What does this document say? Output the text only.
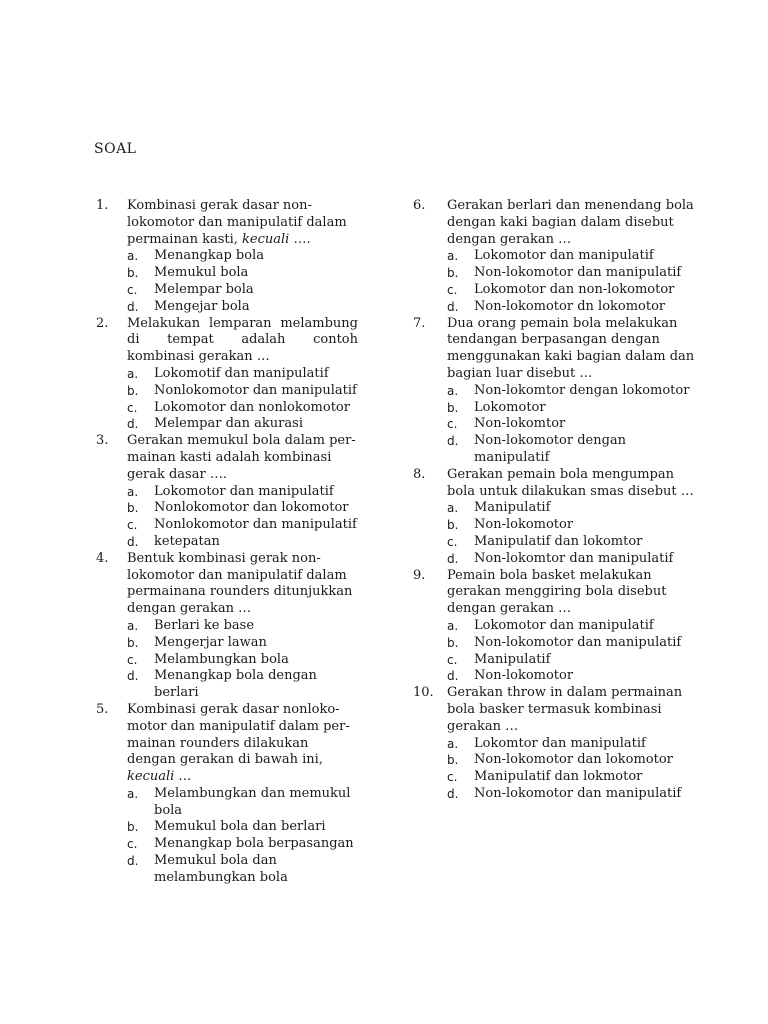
SOAL
1.	Kombinasi gerak dasar non-lokomotor dan manipulatif dalam permainan kasti, kecuali ….
a.	Menangkap bola
b.	Memukul bola
c.	Melempar bola
d.	Mengejar bola
2.	Melakukan lemparan melambung di tempat adalah contoh kombinasi gerakan …
a.	Lokomotif dan manipulatif
b.	Nonlokomotor dan manipulatif
c.	Lokomotor dan nonlokomotor
d.	Melempar dan akurasi
3.	Gerakan memukul bola dalam per-mainan kasti adalah kombinasi gerak dasar ….
a.	Lokomotor dan manipulatif
b.	Nonlokomotor dan lokomotor
c.	Nonlokomotor dan manipulatif
d.	ketepatan
4.	Bentuk kombinasi gerak non-lokomotor dan manipulatif dalam permainana rounders ditunjukkan dengan gerakan …
a.	Berlari ke base
b.	Mengerjar lawan
c.	Melambungkan bola
d.	Menangkap bola dengan berlari
5.	Kombinasi gerak dasar nonloko-motor dan manipulatif dalam per-mainan rounders dilakukan dengan gerakan di bawah ini, kecuali …
a.	Melambungkan dan memukul bola
b.	Memukul bola dan berlari
c.	Menangkap bola berpasangan
d.	Memukul bola dan melambungkan bola
6.	Gerakan berlari dan menendang bola dengan kaki bagian dalam disebut dengan gerakan …
a.	Lokomotor dan manipulatif
b.	Non-lokomotor dan manipulatif
c.	Lokomotor dan non-lokomotor
d.	Non-lokomotor dn lokomotor
7.	Dua orang pemain bola melakukan tendangan berpasangan dengan menggunakan kaki bagian dalam dan bagian luar disebut …
a.	Non-lokomtor dengan lokomotor
b.	Lokomotor
c.	Non-lokomtor
d.	Non-lokomotor dengan manipulatif
8.	Gerakan pemain bola mengumpan bola untuk dilakukan smas disebut …
a.	Manipulatif
b.	Non-lokomotor
c.	Manipulatif dan lokomtor
d.	Non-lokomtor dan manipulatif
9.	Pemain bola basket melakukan gerakan menggiring bola disebut dengan gerakan …
a.	Lokomotor dan manipulatif
b.	Non-lokomotor dan manipulatif
c.	Manipulatif
d.	Non-lokomotor
10.	Gerakan throw in dalam permainan bola basker termasuk kombinasi gerakan …
a.	Lokomtor dan manipulatif
b.	Non-lokomotor dan lokomotor
c.	Manipulatif dan lokmotor
d.	Non-lokomotor dan manipulatif
